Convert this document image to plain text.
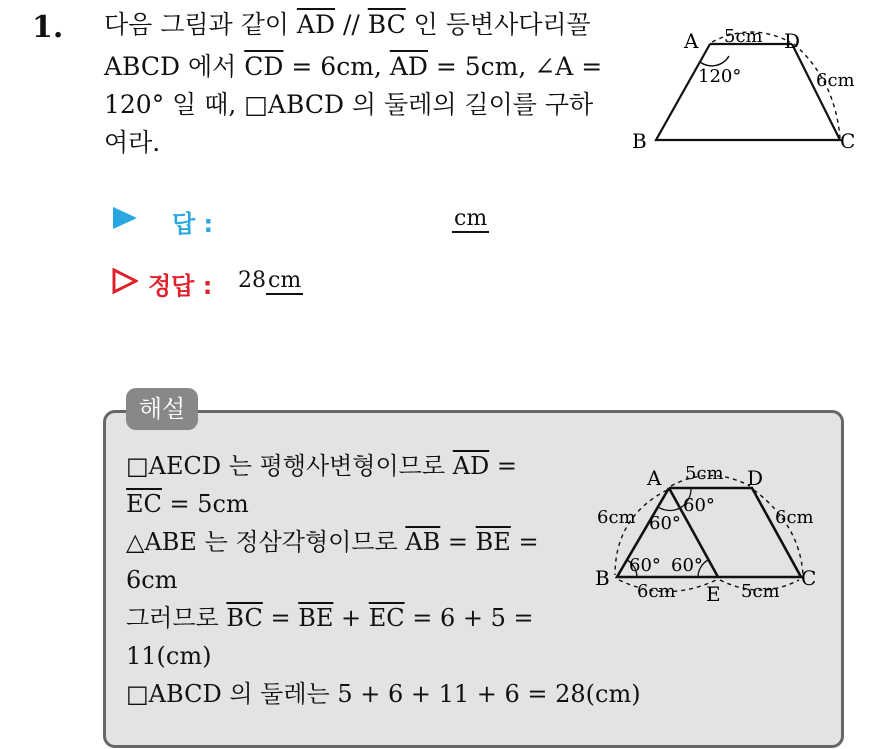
1. 다음 그림과 같이 $\overline{AD} // \overline{BC}$ 인 등변사다리꼴
ABCD 에서 $\overline{CD} = 6cm$, $\overline{AD} = 5cm$, ∠A =
120° 일 때, □ABCD 의 둘레의 길이를 구하
여라.
A	D
B	C
5cm
6cm
120°
답 :	cm
정답 : 28cm
해설
□AECD 는 평행사변형이므로 $\overline{AD}$ =
$\overline{EC} = 5cm$
△ABE 는 정삼각형이므로 $\overline{AB} = \overline{BE}$ =
6cm
그러므로 $\overline{BC} = \overline{BE} + \overline{EC} = 6 + 5$ =
11(cm)
□ABCD 의 둘레는 5 + 6 + 11 + 6 = 28(cm)
A	D
B	C
E
5cm
6cm	6cm
6cm	5cm
60°
60°
60° 60°
